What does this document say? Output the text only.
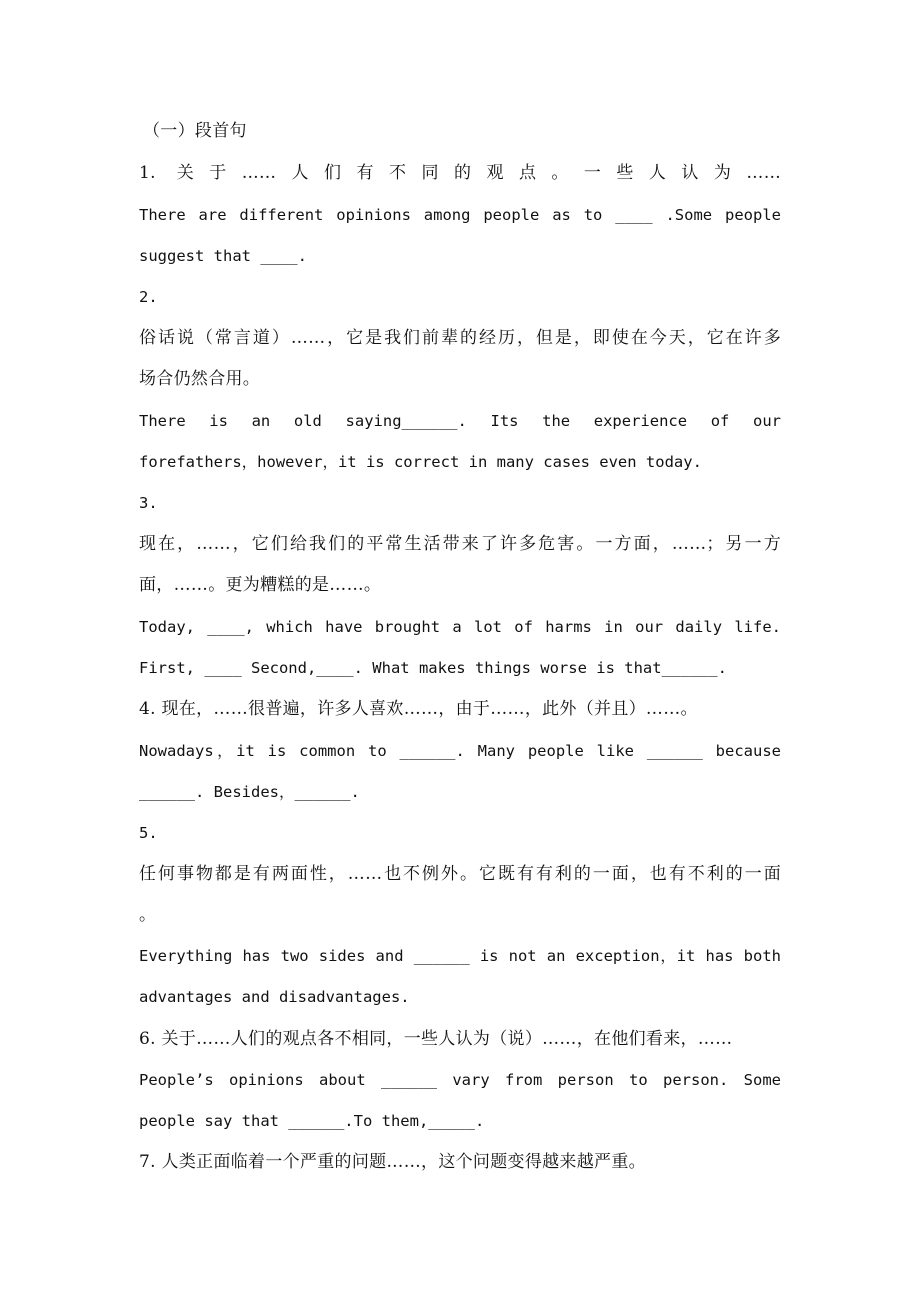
（一）段首句
1. 关于……人们有不同的观点。一些人认为……
There are different opinions among people as to ____ .Some people
suggest that ____.
2.
俗话说（常言道）……，它是我们前辈的经历，但是，即使在今天，它在许多
场合仍然合用。
There is an old saying______. Its the experience of our
forefathers，however，it is correct in many cases even today.
3.
现在，……，它们给我们的平常生活带来了许多危害。一方面，……；另一方
面，……。更为糟糕的是……。
Today, ____, which have brought a lot of harms in our daily life.
First, ____ Second,____. What makes things worse is that______.
4. 现在，……很普遍，许多人喜欢……，由于……，此外（并且）……。
Nowadays，it is common to ______. Many people like ______ because
______. Besides，______.
5.
任何事物都是有两面性，……也不例外。它既有有利的一面，也有不利的一面
。
Everything has two sides and ______ is not an exception，it has both
advantages and disadvantages.
6. 关于……人们的观点各不相同，一些人认为（说）……，在他们看来，……
People’s opinions about ______ vary from person to person. Some
people say that ______.To them,_____.
7. 人类正面临着一个严重的问题……，这个问题变得越来越严重。
